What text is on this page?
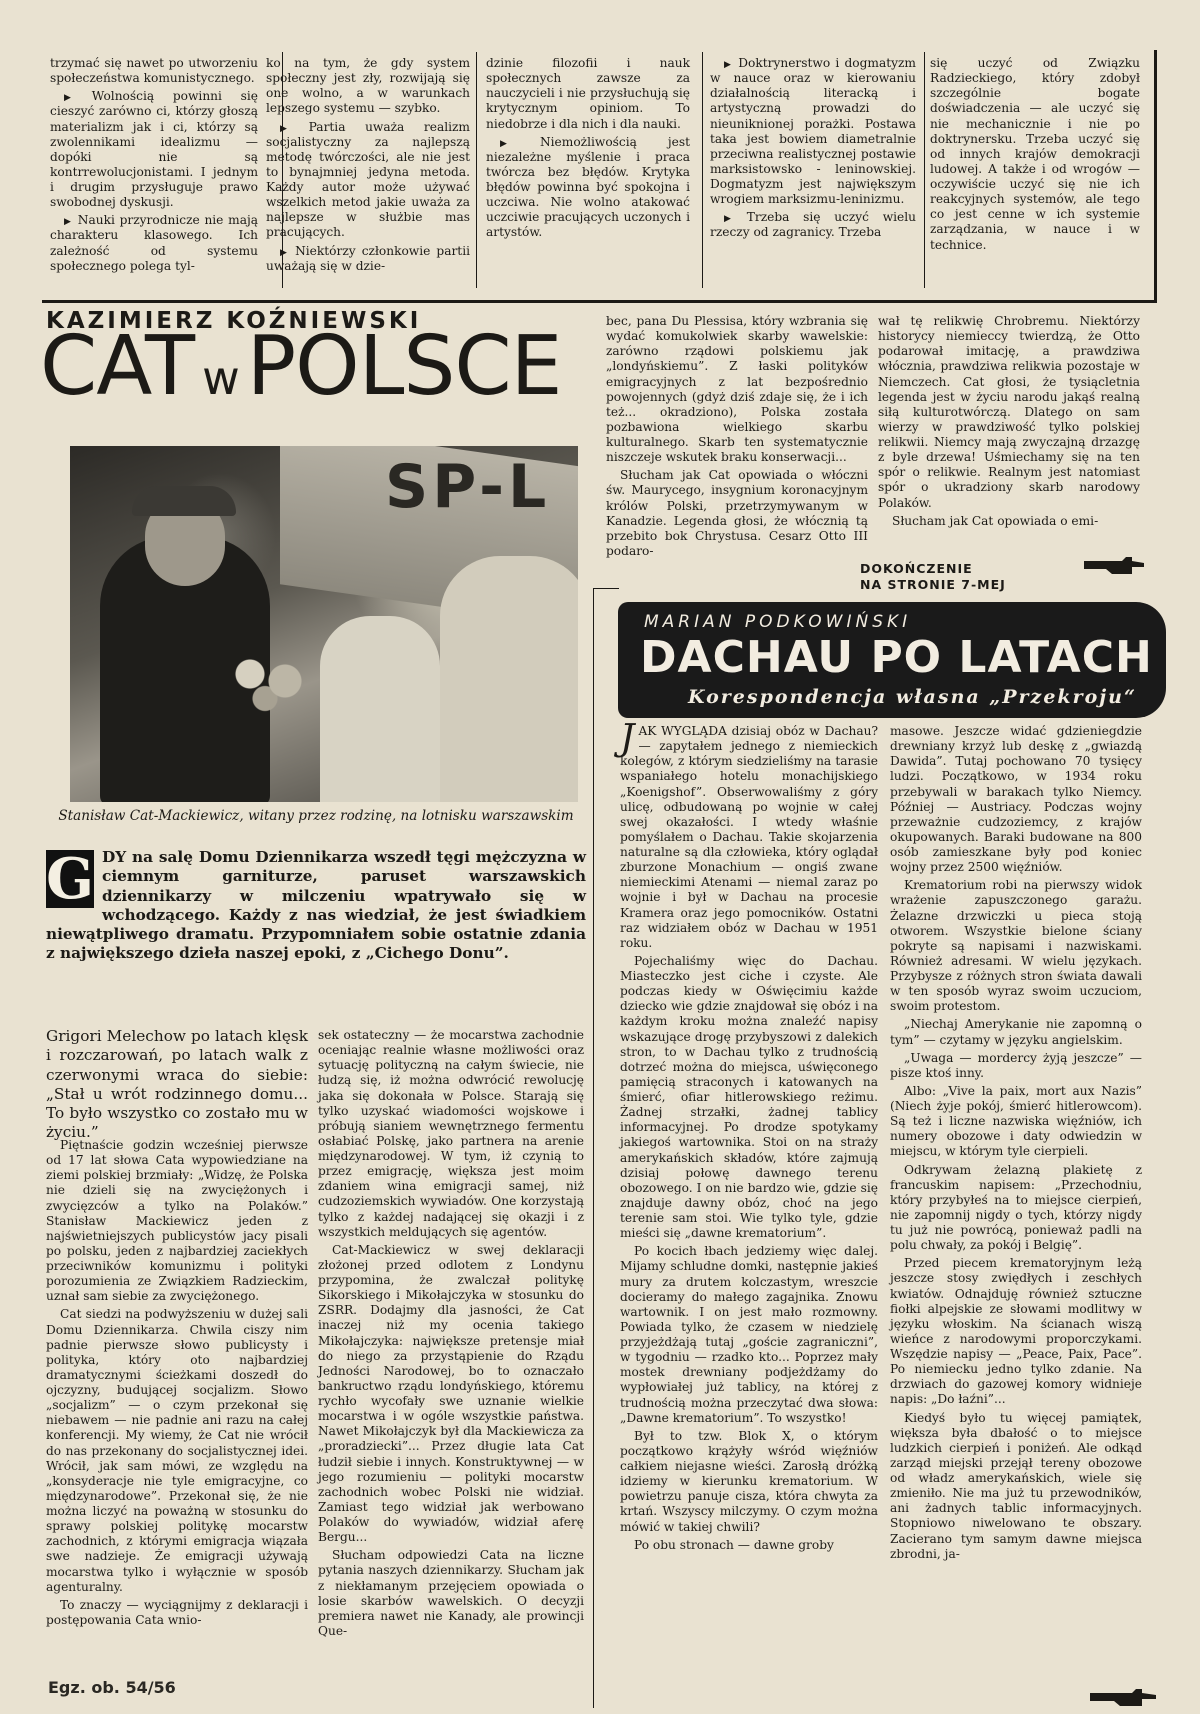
trzymać się nawet po utworzeniu społeczeństwa komunistycznego.

▶ Wolnością powinni się cieszyć zarówno ci, którzy głoszą materializm jak i ci, którzy są zwolennikami idealizmu — dopóki nie są kontrrewolucjonistami. I jednym i drugim przysługuje prawo swobodnej dyskusji.

▶ Nauki przyrodnicze nie mają charakteru klasowego. Ich zależność od systemu społecznego polega tyl-

ko na tym, że gdy system społeczny jest zły, rozwijają się one wolno, a w warunkach lepszego systemu — szybko.

▶ Partia uważa realizm socjalistyczny za najlepszą metodę twórczości, ale nie jest to bynajmniej jedyna metoda. Każdy autor może używać wszelkich metod jakie uważa za najlepsze w służbie mas pracujących.

▶ Niektórzy członkowie partii uważają się w dzie-

dzinie filozofii i nauk społecznych zawsze za nauczycieli i nie przysłuchują się krytycznym opiniom. To niedobrze i dla nich i dla nauki.

▶ Niemożliwością jest niezależne myślenie i praca twórcza bez błędów. Krytyka błędów powinna być spokojna i uczciwa. Nie wolno atakować uczciwie pracujących uczonych i artystów.

▶ Doktrynerstwo i dogmatyzm w nauce oraz w kierowaniu działalnością literacką i artystyczną prowadzi do nieuniknionej porażki. Postawa taka jest bowiem diametralnie przeciwna realistycznej postawie marksistowsko - leninowskiej. Dogmatyzm jest największym wrogiem marksizmu-leninizmu.

▶ Trzeba się uczyć wielu rzeczy od zagranicy. Trzeba

się uczyć od Związku Radzieckiego, który zdobył szczególnie bogate doświadczenia — ale uczyć się nie mechanicznie i nie po doktrynersku. Trzeba uczyć się od innych krajów demokracji ludowej. A także i od wrogów — oczywiście uczyć się nie ich reakcyjnych systemów, ale tego co jest cenne w ich systemie zarządzania, w nauce i w technice.

KAZIMIERZ KOŹNIEWSKI
CAT wPOLSCE
SP-L
Stanisław Cat-Mackiewicz, witany przez rodzinę, na lotnisku warszawskim
G DY na salę Domu Dziennikarza wszedł tęgi mężczyzna w ciemnym garniturze, paruset warszawskich dziennikarzy w milczeniu wpatrywało się w wchodzącego. Każdy z nas wiedział, że jest świadkiem niewątpliwego dramatu. Przypomniałem sobie ostatnie zdania z największego dzieła naszej epoki, z „Cichego Donu”.
Grigori Melechow po latach klęsk i rozczarowań, po latach walk z czerwonymi wraca do siebie: „Stał u wrót rodzinnego domu... To było wszystko co zostało mu w życiu.”

Piętnaście godzin wcześniej pierwsze od 17 lat słowa Cata wypowiedziane na ziemi polskiej brzmiały: „Widzę, że Polska nie dzieli się na zwyciężonych i zwycięzców a tylko na Polaków.” Stanisław Mackiewicz jeden z najświetniejszych publicystów jacy pisali po polsku, jeden z najbardziej zaciekłych przeciwników komunizmu i polityki porozumienia ze Związkiem Radzieckim, uznał sam siebie za zwyciężonego.

Cat siedzi na podwyższeniu w dużej sali Domu Dziennikarza. Chwila ciszy nim padnie pierwsze słowo publicysty i polityka, który oto najbardziej dramatycznymi ścieżkami doszedł do ojczyzny, budującej socjalizm. Słowo „socjalizm” — o czym przekonał się niebawem — nie padnie ani razu na całej konferencji. My wiemy, że Cat nie wrócił do nas przekonany do socjalistycznej idei. Wrócił, jak sam mówi, ze względu na „konsyderacje nie tyle emigracyjne, co międzynarodowe”. Przekonał się, że nie można liczyć na poważną w stosunku do sprawy polskiej politykę mocarstw zachodnich, z którymi emigracja wiązała swe nadzieje. Że emigracji używają mocarstwa tylko i wyłącznie w sposób agenturalny.

To znaczy — wyciągnijmy z deklaracji i postępowania Cata wnio-

sek ostateczny — że mocarstwa zachodnie oceniając realnie własne możliwości oraz sytuację polityczną na całym świecie, nie łudzą się, iż można odwrócić rewolucję jaka się dokonała w Polsce. Starają się tylko uzyskać wiadomości wojskowe i próbują sianiem wewnętrznego fermentu osłabiać Polskę, jako partnera na arenie międzynarodowej. W tym, iż czynią to przez emigrację, większa jest moim zdaniem wina emigracji samej, niż cudzoziemskich wywiadów. One korzystają tylko z każdej nadającej się okazji i z wszystkich meldujących się agentów.

Cat-Mackiewicz w swej deklaracji złożonej przed odlotem z Londynu przypomina, że zwalczał politykę Sikorskiego i Mikołajczyka w stosunku do ZSRR. Dodajmy dla jasności, że Cat inaczej niż my ocenia takiego Mikołajczyka: największe pretensje miał do niego za przystąpienie do Rządu Jedności Narodowej, bo to oznaczało bankructwo rządu londyńskiego, któremu rychło wycofały swe uznanie wielkie mocarstwa i w ogóle wszystkie państwa. Nawet Mikołajczyk był dla Mackiewicza za „proradziecki”... Przez długie lata Cat łudził siebie i innych. Konstruktywnej — w jego rozumieniu — polityki mocarstw zachodnich wobec Polski nie widział. Zamiast tego widział jak werbowano Polaków do wywiadów, widział aferę Bergu...

Słucham odpowiedzi Cata na liczne pytania naszych dziennikarzy. Słucham jak z niekłamanym przejęciem opowiada o losie skarbów wawelskich. O decyzji premiera nawet nie Kanady, ale prowincji Que-

bec, pana Du Plessisa, który wzbrania się wydać komukolwiek skarby wawelskie: zarówno rządowi polskiemu jak „londyńskiemu”. Z łaski polityków emigracyjnych z lat bezpośrednio powojennych (gdyż dziś zdaje się, że i ich też... okradziono), Polska została pozbawiona wielkiego skarbu kulturalnego. Skarb ten systematycznie niszczeje wskutek braku konserwacji...

Słucham jak Cat opowiada o włóczni św. Maurycego, insygnium koronacyjnym królów Polski, przetrzymywanym w Kanadzie. Legenda głosi, że włócznią tą przebito bok Chrystusa. Cesarz Otto III podaro-

wał tę relikwię Chrobremu. Niektórzy historycy niemieccy twierdzą, że Otto podarował imitację, a prawdziwa włócznia, prawdziwa relikwia pozostaje w Niemczech. Cat głosi, że tysiącletnia legenda jest w życiu narodu jakąś realną siłą kulturotwórczą. Dlatego on sam wierzy w prawdziwość tylko polskiej relikwii. Niemcy mają zwyczajną drzazgę z byle drzewa! Uśmiechamy się na ten spór o relikwie. Realnym jest natomiast spór o ukradziony skarb narodowy Polaków.

Słucham jak Cat opowiada o emi-

DOKOŃCZENIE
NA STRONIE 7-MEJ
MARIAN PODKOWIŃSKI
DACHAU PO LATACH
Korespondencja własna „Przekroju“

JAK WYGLĄDA dzisiaj obóz w Dachau? — zapytałem jednego z niemieckich kolegów, z którym siedzieliśmy na tarasie wspaniałego hotelu monachijskiego „Koenigshof”. Obserwowaliśmy z góry ulicę, odbudowaną po wojnie w całej swej okazałości. I wtedy właśnie pomyślałem o Dachau. Takie skojarzenia naturalne są dla człowieka, który oglądał zburzone Monachium — ongiś zwane niemieckimi Atenami — niemal zaraz po wojnie i był w Dachau na procesie Kramera oraz jego pomocników. Ostatni raz widziałem obóz w Dachau w 1951 roku.

Pojechaliśmy więc do Dachau. Miasteczko jest ciche i czyste. Ale podczas kiedy w Oświęcimiu każde dziecko wie gdzie znajdował się obóz i na każdym kroku można znaleźć napisy wskazujące drogę przybyszowi z dalekich stron, to w Dachau tylko z trudnością dotrzeć można do miejsca, uświęconego pamięcią straconych i katowanych na śmierć, ofiar hitlerowskiego reżimu. Żadnej strzałki, żadnej tablicy informacyjnej. Po drodze spotykamy jakiegoś wartownika. Stoi on na straży amerykańskich składów, które zajmują dzisiaj połowę dawnego terenu obozowego. I on nie bardzo wie, gdzie się znajduje dawny obóz, choć na jego terenie sam stoi. Wie tylko tyle, gdzie mieści się „dawne krematorium”.

Po kocich łbach jedziemy więc dalej. Mijamy schludne domki, następnie jakieś mury za drutem kolczastym, wreszcie docieramy do małego zagajnika. Znowu wartownik. I on jest mało rozmowny. Powiada tylko, że czasem w niedzielę przyjeżdżają tutaj „goście zagraniczni”, w tygodniu — rzadko kto... Poprzez mały mostek drewniany podjeżdżamy do wypłowiałej już tablicy, na której z trudnością można przeczytać dwa słowa: „Dawne krematorium”. To wszystko!

Był to tzw. Blok X, o którym początkowo krążyły wśród więźniów całkiem niejasne wieści. Zarosłą dróżką idziemy w kierunku krematorium. W powietrzu panuje cisza, która chwyta za krtań. Wszyscy milczymy. O czym można mówić w takiej chwili?

Po obu stronach — dawne groby

masowe. Jeszcze widać gdzieniegdzie drewniany krzyż lub deskę z „gwiazdą Dawida”. Tutaj pochowano 70 tysięcy ludzi. Początkowo, w 1934 roku przebywali w barakach tylko Niemcy. Później — Austriacy. Podczas wojny przeważnie cudzoziemcy, z krajów okupowanych. Baraki budowane na 800 osób zamieszkane były pod koniec wojny przez 2500 więźniów.

Krematorium robi na pierwszy widok wrażenie zapuszczonego garażu. Żelazne drzwiczki u pieca stoją otworem. Wszystkie bielone ściany pokryte są napisami i nazwiskami. Również adresami. W wielu językach. Przybysze z różnych stron świata dawali w ten sposób wyraz swoim uczuciom, swoim protestom.

„Niechaj Amerykanie nie zapomną o tym” — czytamy w języku angielskim.

„Uwaga — mordercy żyją jeszcze” — pisze ktoś inny.

Albo: „Vive la paix, mort aux Nazis” (Niech żyje pokój, śmierć hitlerowcom). Są też i liczne nazwiska więźniów, ich numery obozowe i daty odwiedzin w miejscu, w którym tyle cierpieli.

Odkrywam żelazną plakietę z francuskim napisem: „Przechodniu, który przybyłeś na to miejsce cierpień, nie zapomnij nigdy o tych, którzy nigdy tu już nie powrócą, ponieważ padli na polu chwały, za pokój i Belgię”.

Przed piecem krematoryjnym leżą jeszcze stosy zwiędłych i zeschłych kwiatów. Odnajduję również sztuczne fiołki alpejskie ze słowami modlitwy w języku włoskim. Na ścianach wiszą wieńce z narodowymi proporczykami. Wszędzie napisy — „Peace, Paix, Pace”. Po niemiecku jedno tylko zdanie. Na drzwiach do gazowej komory widnieje napis: „Do łaźni”...

Kiedyś było tu więcej pamiątek, większa była dbałość o to miejsce ludzkich cierpień i poniżeń. Ale odkąd zarząd miejski przejął tereny obozowe od władz amerykańskich, wiele się zmieniło. Nie ma już tu przewodników, ani żadnych tablic informacyjnych. Stopniowo niwelowano te obszary. Zacierano tym samym dawne miejsca zbrodni, ja-

Egz. ob. 54/56
